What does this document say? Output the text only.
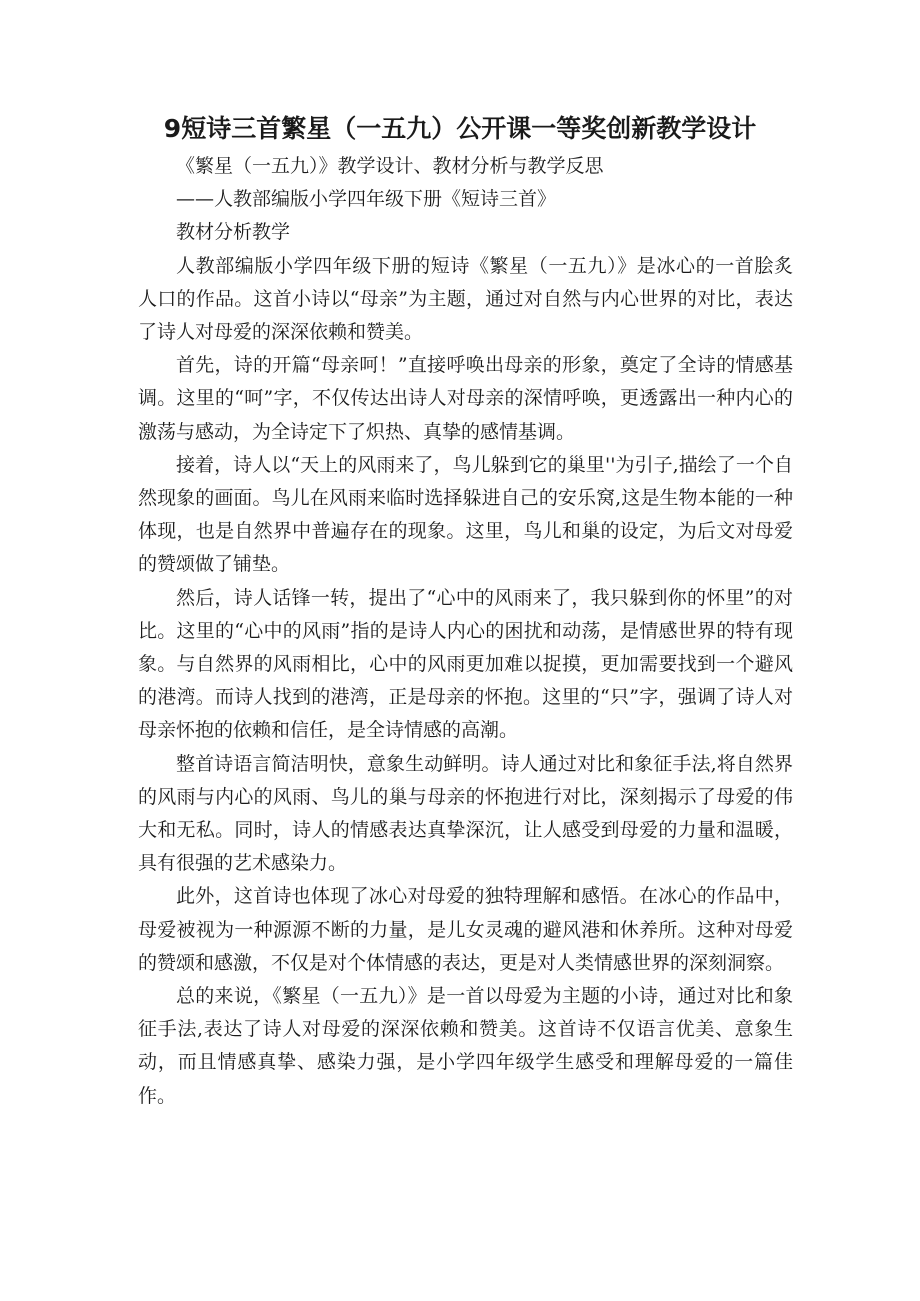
9短诗三首繁星（一五九）公开课一等奖创新教学设计

《繁星（一五九）》教学设计、教材分析与教学反思

——人教部编版小学四年级下册《短诗三首》

教材分析教学

人教部编版小学四年级下册的短诗《繁星（一五九）》是冰心的一首脍炙人口的作品。这首小诗以“母亲”为主题，通过对自然与内心世界的对比，表达了诗人对母爱的深深依赖和赞美。

首先，诗的开篇“母亲呵！”直接呼唤出母亲的形象，奠定了全诗的情感基调。这里的“呵”字，不仅传达出诗人对母亲的深情呼唤，更透露出一种内心的激荡与感动，为全诗定下了炽热、真挚的感情基调。

接着，诗人以“天上的风雨来了，鸟儿躲到它的巢里''为引子,描绘了一个自然现象的画面。鸟儿在风雨来临时选择躲进自己的安乐窝,这是生物本能的一种体现，也是自然界中普遍存在的现象。这里，鸟儿和巢的设定，为后文对母爱的赞颂做了铺垫。

然后，诗人话锋一转，提出了“心中的风雨来了，我只躲到你的怀里”的对比。这里的“心中的风雨”指的是诗人内心的困扰和动荡，是情感世界的特有现象。与自然界的风雨相比，心中的风雨更加难以捉摸，更加需要找到一个避风的港湾。而诗人找到的港湾，正是母亲的怀抱。这里的“只”字，强调了诗人对母亲怀抱的依赖和信任，是全诗情感的高潮。

整首诗语言简洁明快，意象生动鲜明。诗人通过对比和象征手法,将自然界的风雨与内心的风雨、鸟儿的巢与母亲的怀抱进行对比，深刻揭示了母爱的伟大和无私。同时，诗人的情感表达真挚深沉，让人感受到母爱的力量和温暖，具有很强的艺术感染力。

此外，这首诗也体现了冰心对母爱的独特理解和感悟。在冰心的作品中，母爱被视为一种源源不断的力量，是儿女灵魂的避风港和休养所。这种对母爱的赞颂和感激，不仅是对个体情感的表达，更是对人类情感世界的深刻洞察。

总的来说，《繁星（一五九）》是一首以母爱为主题的小诗，通过对比和象征手法,表达了诗人对母爱的深深依赖和赞美。这首诗不仅语言优美、意象生动，而且情感真挚、感染力强，是小学四年级学生感受和理解母爱的一篇佳作。
